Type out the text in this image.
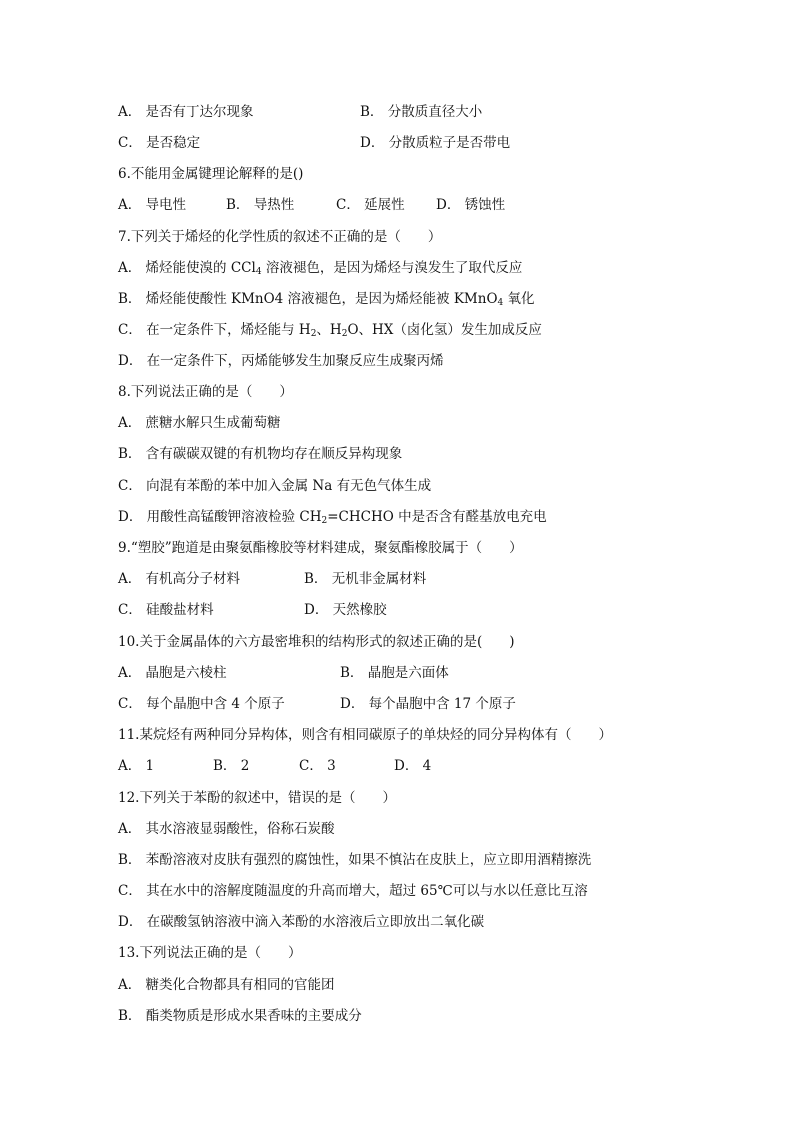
A． 是否有丁达尔现象	B． 分散质直径大小
C． 是否稳定	D． 分散质粒子是否带电
6.不能用金属键理论解释的是()
A． 导电性	B． 导热性	C． 延展性 D． 锈蚀性
7.下列关于烯烃的化学性质的叙述不正确的是（　　）
A． 烯烃能使溴的 CCl$_4$ 溶液褪色，是因为烯烃与溴发生了取代反应
B． 烯烃能使酸性 KMnO4 溶液褪色，是因为烯烃能被 KMnO$_4$ 氧化
C． 在一定条件下，烯烃能与 $H_2$、$H_2O$、HX（卤化氢）发生加成反应
D． 在一定条件下，丙烯能够发生加聚反应生成聚丙烯
8.下列说法正确的是（　　）
A． 蔗糖水解只生成葡萄糖
B． 含有碳碳双键的有机物均存在顺反异构现象
C． 向混有苯酚的苯中加入金属 Na 有无色气体生成
D． 用酸性高锰酸钾溶液检验 $CH_2=CHCHO$ 中是否含有醛基放电充电
9.“塑胶”跑道是由聚氨酯橡胶等材料建成，聚氨酯橡胶属于（　　）
A． 有机高分子材料	B． 无机非金属材料
C． 硅酸盐材料	D． 天然橡胶
10.关于金属晶体的六方最密堆积的结构形式的叙述正确的是(　　)
A． 晶胞是六棱柱	B． 晶胞是六面体
C． 每个晶胞中含 4 个原子	D． 每个晶胞中含 17 个原子
11.某烷烃有两种同分异构体，则含有相同碳原子的单炔烃的同分异构体有（　　）
A． 1	B． 2	C． 3	D． 4
12.下列关于苯酚的叙述中，错误的是（　　）
A． 其水溶液显弱酸性，俗称石炭酸
B． 苯酚溶液对皮肤有强烈的腐蚀性，如果不慎沾在皮肤上，应立即用酒精擦洗
C． 其在水中的溶解度随温度的升高而增大，超过 65℃可以与水以任意比互溶
D． 在碳酸氢钠溶液中滴入苯酚的水溶液后立即放出二氧化碳
13.下列说法正确的是（　　）
A． 糖类化合物都具有相同的官能团
B． 酯类物质是形成水果香味的主要成分
